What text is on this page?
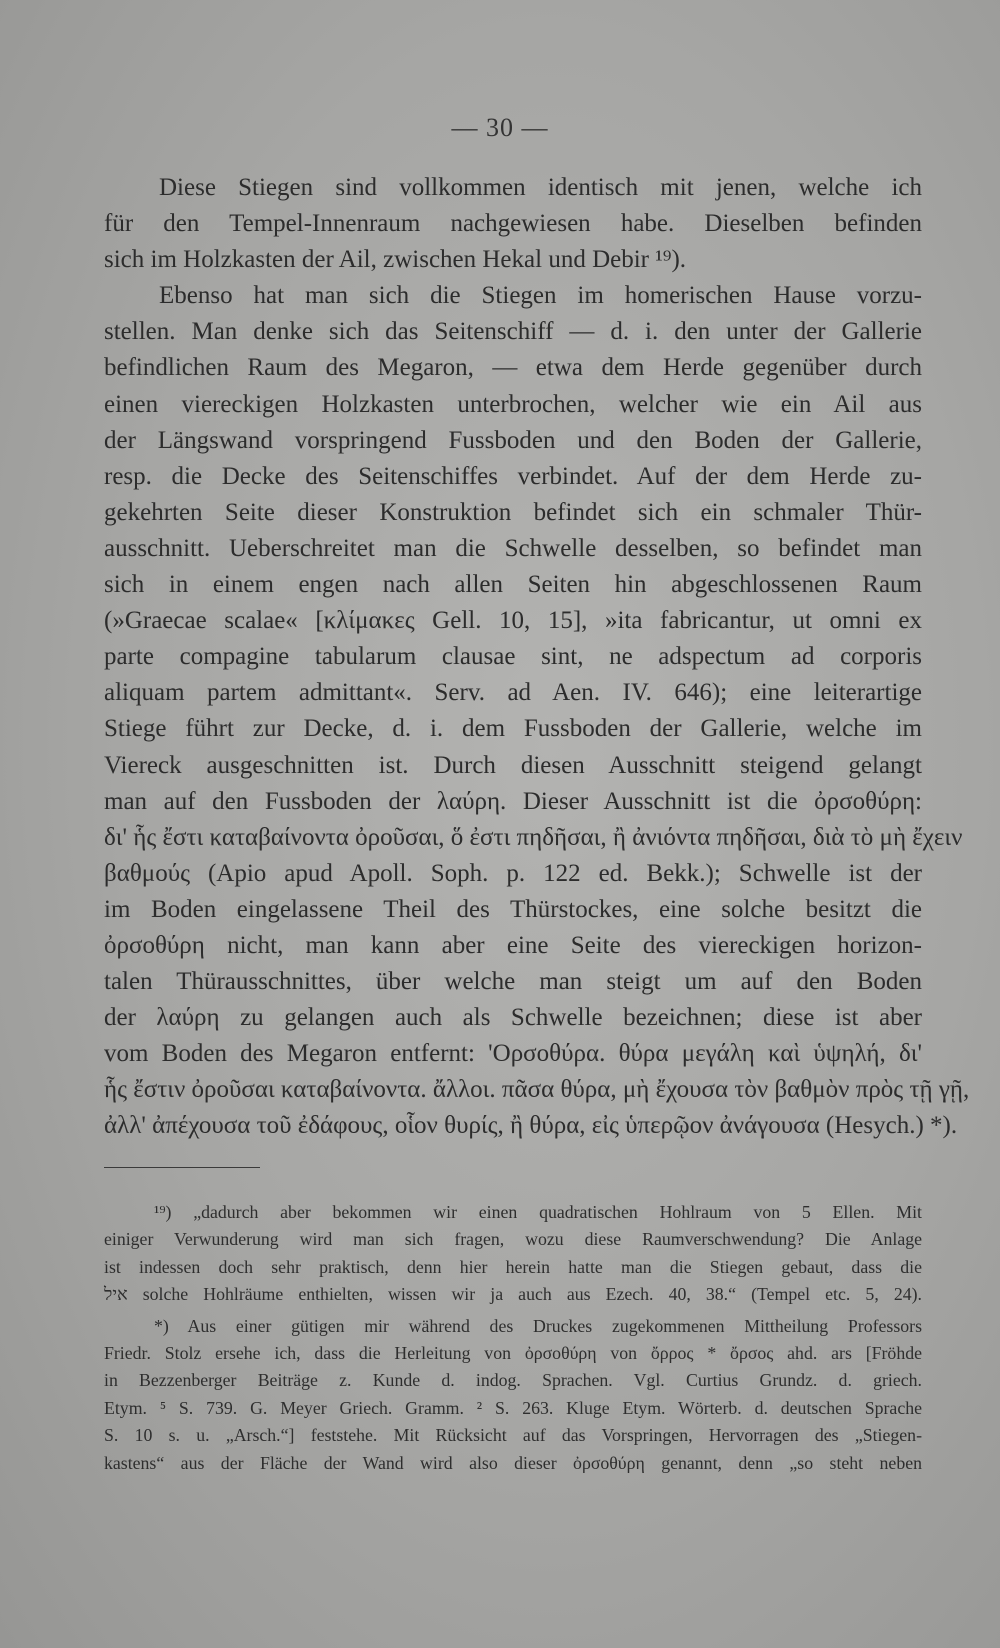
— 30 —
Diese Stiegen sind vollkommen identisch mit jenen, welche ich
für den Tempel-Innenraum nachgewiesen habe. Dieselben befinden
sich im Holzkasten der Ail, zwischen Hekal und Debir ¹⁹).
Ebenso hat man sich die Stiegen im homerischen Hause vorzu-
stellen. Man denke sich das Seitenschiff — d. i. den unter der Gallerie
befindlichen Raum des Megaron, — etwa dem Herde gegenüber durch
einen viereckigen Holzkasten unterbrochen, welcher wie ein Ail aus
der Längswand vorspringend Fussboden und den Boden der Gallerie,
resp. die Decke des Seitenschiffes verbindet. Auf der dem Herde zu-
gekehrten Seite dieser Konstruktion befindet sich ein schmaler Thür-
ausschnitt. Ueberschreitet man die Schwelle desselben, so befindet man
sich in einem engen nach allen Seiten hin abgeschlossenen Raum
(»Graecae scalae« [κλίμακες Gell. 10, 15], »ita fabricantur, ut omni ex
parte compagine tabularum clausae sint, ne adspectum ad corporis
aliquam partem admittant«. Serv. ad Aen. IV. 646); eine leiterartige
Stiege führt zur Decke, d. i. dem Fussboden der Gallerie, welche im
Viereck ausgeschnitten ist. Durch diesen Ausschnitt steigend gelangt
man auf den Fussboden der λαύρη. Dieser Ausschnitt ist die ὀρσοθύρη:
δι' ἧς ἔστι καταβαίνοντα ὀροῦσαι, ὅ ἐστι πηδῆσαι, ἢ ἀνιόντα πηδῆσαι, διὰ τὸ μὴ ἔχειν
βαθμούς (Apio apud Apoll. Soph. p. 122 ed. Bekk.); Schwelle ist der
im Boden eingelassene Theil des Thürstockes, eine solche besitzt die
ὀρσοθύρη nicht, man kann aber eine Seite des viereckigen horizon-
talen Thürausschnittes, über welche man steigt um auf den Boden
der λαύρη zu gelangen auch als Schwelle bezeichnen; diese ist aber
vom Boden des Megaron entfernt: 'Ορσοθύρα. θύρα μεγάλη καὶ ὑψηλή, δι'
ἧς ἔστιν ὀροῦσαι καταβαίνοντα. ἄλλοι. πᾶσα θύρα, μὴ ἔχουσα τὸν βαθμὸν πρὸς τῇ γῇ,
ἀλλ' ἀπέχουσα τοῦ ἐδάφους, οἷον θυρίς, ἢ θύρα, εἰς ὑπερῷον ἀνάγουσα (Hesych.) *).
¹⁹) „dadurch aber bekommen wir einen quadratischen Hohlraum von 5 Ellen. Mit
einiger Verwunderung wird man sich fragen, wozu diese Raumverschwendung? Die Anlage
ist indessen doch sehr praktisch, denn hier herein hatte man die Stiegen gebaut, dass die
איל solche Hohlräume enthielten, wissen wir ja auch aus Ezech. 40, 38.“ (Tempel etc. 5, 24).
*) Aus einer gütigen mir während des Druckes zugekommenen Mittheilung Professors
Friedr. Stolz ersehe ich, dass die Herleitung von ὀρσοθύρη von ὄρρος * ὄρσος ahd. ars [Fröhde
in Bezzenberger Beiträge z. Kunde d. indog. Sprachen. Vgl. Curtius Grundz. d. griech.
Etym. ⁵ S. 739. G. Meyer Griech. Gramm. ² S. 263. Kluge Etym. Wörterb. d. deutschen Sprache
S. 10 s. u. „Arsch.“] feststehe. Mit Rücksicht auf das Vorspringen, Hervorragen des „Stiegen-
kastens“ aus der Fläche der Wand wird also dieser ὀρσοθύρη genannt, denn „so steht neben
